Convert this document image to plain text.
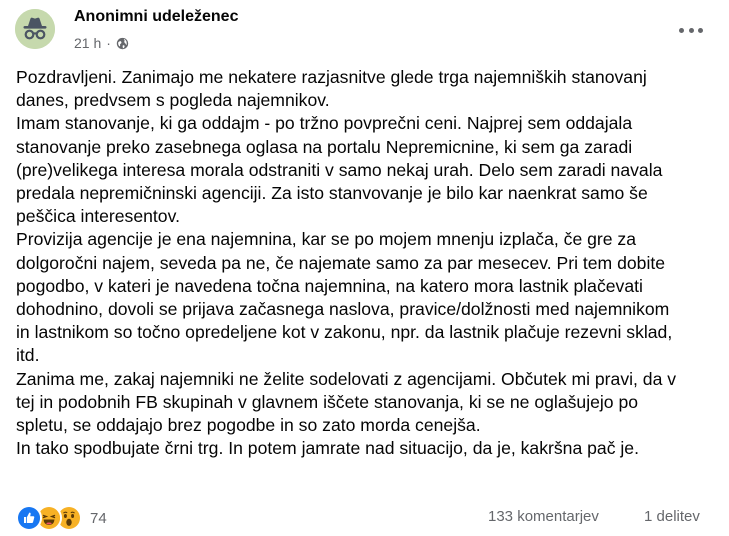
Anonimni udeleženec
21 h ·

Pozdravljeni. Zanimajo me nekatere razjasnitve glede trga najemniških stanovanj

danes, predvsem s pogleda najemnikov.

Imam stanovanje, ki ga oddajm - po tržno povprečni ceni. Najprej sem oddajala

stanovanje preko zasebnega oglasa na portalu Nepremicnine, ki sem ga zaradi

(pre)velikega interesa morala odstraniti v samo nekaj urah. Delo sem zaradi navala

predala nepremičninski agenciji. Za isto stanvovanje je bilo kar naenkrat samo še

peščica interesentov.

Provizija agencije je ena najemnina, kar se po mojem mnenju izplača, če gre za

dolgoročni najem, seveda pa ne, če najemate samo za par mesecev. Pri tem dobite

pogodbo, v kateri je navedena točna najemnina, na katero mora lastnik plačevati

dohodnino, dovoli se prijava začasnega naslova, pravice/dolžnosti med najemnikom

in lastnikom so točno opredeljene kot v zakonu, npr. da lastnik plačuje rezevni sklad,

itd.

Zanima me, zakaj najemniki ne želite sodelovati z agencijami. Občutek mi pravi, da v

tej in podobnih FB skupinah v glavnem iščete stanovanja, ki se ne oglašujejo po

spletu, se oddajajo brez pogodbe in so zato morda cenejša.

In tako spodbujate črni trg. In potem jamrate nad situacijo, da je, kakršna pač je.

74	133 komentarjev	1 delitev
